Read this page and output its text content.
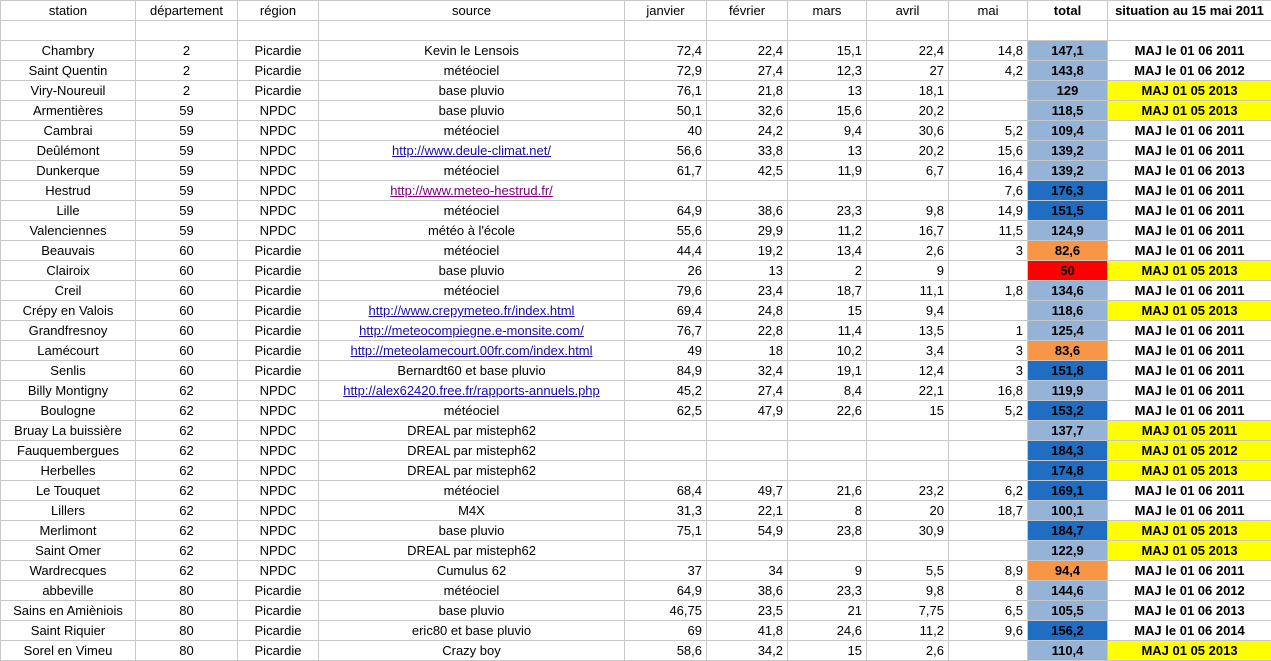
station	département	région	source	janvier	février	mars	avril	mai	total	situation au 15 mai 2011

Chambry	2	Picardie	Kevin le Lensois	72,4	22,4	15,1	22,4	14,8	147,1	MAJ le 01 06 2011
Saint Quentin	2	Picardie	météociel	72,9	27,4	12,3	27	4,2	143,8	MAJ le 01 06 2012
Viry-Noureuil	2	Picardie	base pluvio	76,1	21,8	13	18,1		129	MAJ 01 05 2013
Armentières	59	NPDC	base pluvio	50,1	32,6	15,6	20,2		118,5	MAJ 01 05 2013
Cambrai	59	NPDC	météociel	40	24,2	9,4	30,6	5,2	109,4	MAJ le 01 06 2011
Deûlémont	59	NPDC	http://www.deule-climat.net/	56,6	33,8	13	20,2	15,6	139,2	MAJ le 01 06 2011
Dunkerque	59	NPDC	météociel	61,7	42,5	11,9	6,7	16,4	139,2	MAJ le 01 06 2013
Hestrud	59	NPDC	http://www.meteo-hestrud.fr/					7,6	176,3	MAJ le 01 06 2011
Lille	59	NPDC	météociel	64,9	38,6	23,3	9,8	14,9	151,5	MAJ le 01 06 2011
Valenciennes	59	NPDC	météo à l'école	55,6	29,9	11,2	16,7	11,5	124,9	MAJ le 01 06 2011
Beauvais	60	Picardie	météociel	44,4	19,2	13,4	2,6	3	82,6	MAJ le 01 06 2011
Clairoix	60	Picardie	base pluvio	26	13	2	9		50	MAJ 01 05 2013
Creil	60	Picardie	météociel	79,6	23,4	18,7	11,1	1,8	134,6	MAJ le 01 06 2011
Crépy en Valois	60	Picardie	http://www.crepymeteo.fr/index.html	69,4	24,8	15	9,4		118,6	MAJ 01 05 2013
Grandfresnoy	60	Picardie	http://meteocompiegne.e-monsite.com/	76,7	22,8	11,4	13,5	1	125,4	MAJ le 01 06 2011
Lamécourt	60	Picardie	http://meteolamecourt.00fr.com/index.html	49	18	10,2	3,4	3	83,6	MAJ le 01 06 2011
Senlis	60	Picardie	Bernardt60 et base pluvio	84,9	32,4	19,1	12,4	3	151,8	MAJ le 01 06 2011
Billy Montigny	62	NPDC	http://alex62420.free.fr/rapports-annuels.php	45,2	27,4	8,4	22,1	16,8	119,9	MAJ le 01 06 2011
Boulogne	62	NPDC	météociel	62,5	47,9	22,6	15	5,2	153,2	MAJ le 01 06 2011
Bruay La buissière	62	NPDC	DREAL par misteph62						137,7	MAJ 01 05 2011
Fauquembergues	62	NPDC	DREAL par misteph62						184,3	MAJ 01 05 2012
Herbelles	62	NPDC	DREAL par misteph62						174,8	MAJ 01 05 2013
Le Touquet	62	NPDC	météociel	68,4	49,7	21,6	23,2	6,2	169,1	MAJ le 01 06 2011
Lillers	62	NPDC	M4X	31,3	22,1	8	20	18,7	100,1	MAJ le 01 06 2011
Merlimont	62	NPDC	base pluvio	75,1	54,9	23,8	30,9		184,7	MAJ 01 05 2013
Saint Omer	62	NPDC	DREAL par misteph62						122,9	MAJ 01 05 2013
Wardrecques	62	NPDC	Cumulus 62	37	34	9	5,5	8,9	94,4	MAJ le 01 06 2011
abbeville	80	Picardie	météociel	64,9	38,6	23,3	9,8	8	144,6	MAJ le 01 06 2012
Sains en Amièniois	80	Picardie	base pluvio	46,75	23,5	21	7,75	6,5	105,5	MAJ le 01 06 2013
Saint Riquier	80	Picardie	eric80 et base pluvio	69	41,8	24,6	11,2	9,6	156,2	MAJ le 01 06 2014
Sorel en Vimeu	80	Picardie	Crazy boy	58,6	34,2	15	2,6		110,4	MAJ 01 05 2013
